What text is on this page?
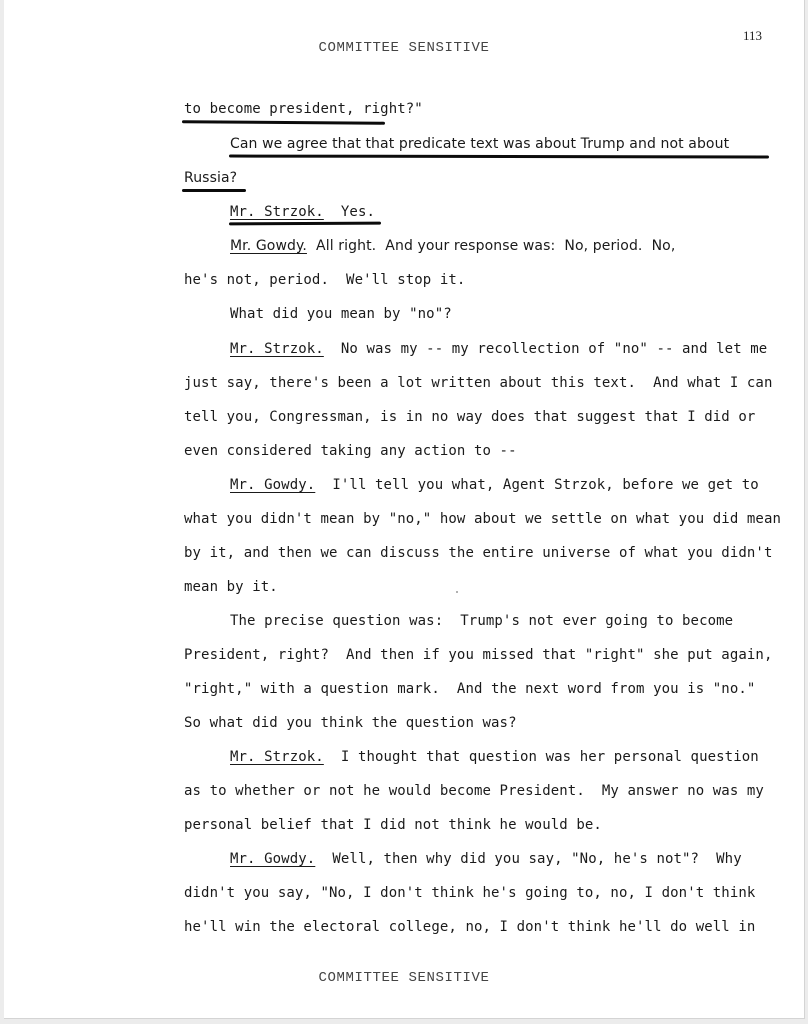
113
COMMITTEE SENSITIVE
to become president, right?"
Can we agree that that predicate text was about Trump and not about
Russia?
Mr. Strzok.  Yes.
Mr. Gowdy.  All right.  And your response was:  No, period.  No,
he's not, period.  We'll stop it.
What did you mean by "no"?
Mr. Strzok.  No was my -- my recollection of "no" -- and let me
just say, there's been a lot written about this text.  And what I can
tell you, Congressman, is in no way does that suggest that I did or
even considered taking any action to --
Mr. Gowdy.  I'll tell you what, Agent Strzok, before we get to
what you didn't mean by "no," how about we settle on what you did mean
by it, and then we can discuss the entire universe of what you didn't
mean by it.
The precise question was:  Trump's not ever going to become
President, right?  And then if you missed that "right" she put again,
"right," with a question mark.  And the next word from you is "no."
So what did you think the question was?
Mr. Strzok.  I thought that question was her personal question
as to whether or not he would become President.  My answer no was my
personal belief that I did not think he would be.
Mr. Gowdy.  Well, then why did you say, "No, he's not"?  Why
didn't you say, "No, I don't think he's going to, no, I don't think
he'll win the electoral college, no, I don't think he'll do well in
COMMITTEE SENSITIVE
